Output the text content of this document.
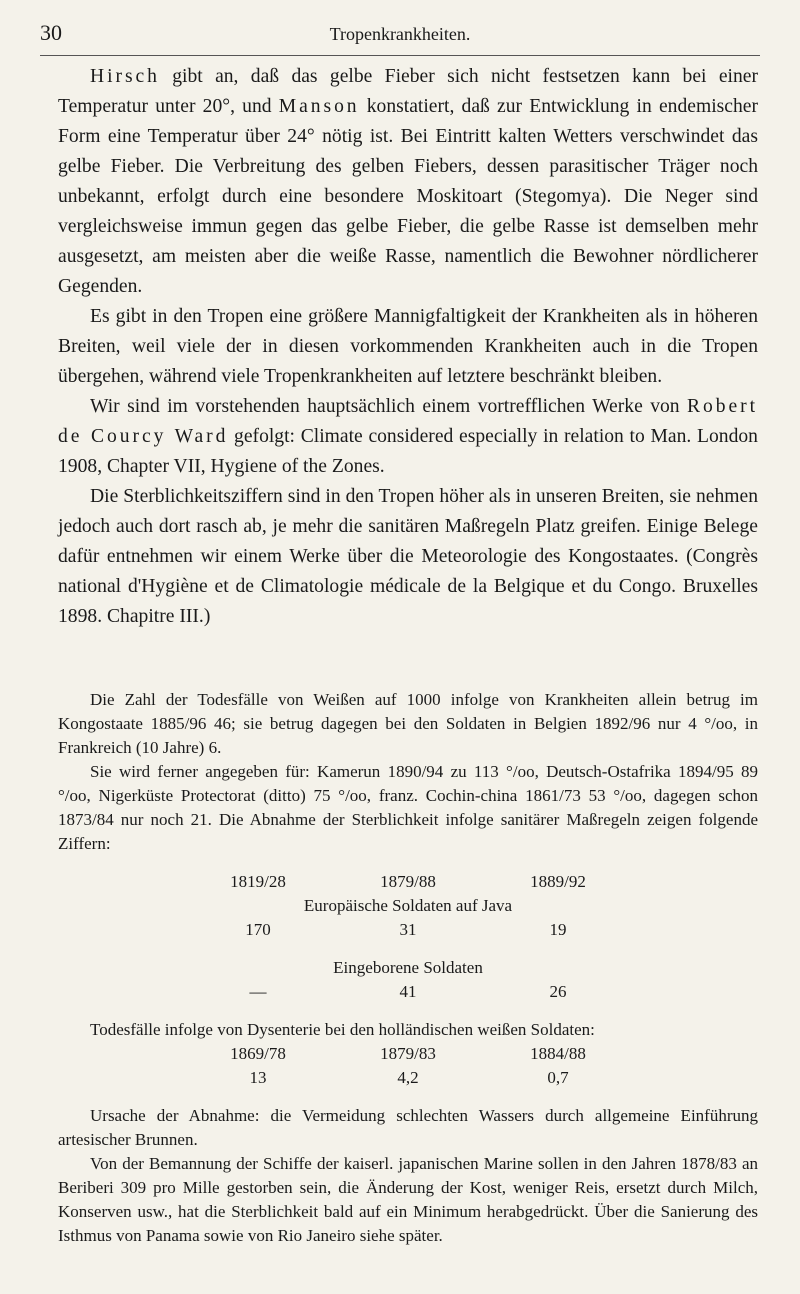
30	Tropenkrankheiten.

Hirsch gibt an, daß das gelbe Fieber sich nicht festsetzen kann bei einer Temperatur unter 20°, und Manson konstatiert, daß zur Entwicklung in endemischer Form eine Temperatur über 24° nötig ist. Bei Eintritt kalten Wetters verschwindet das gelbe Fieber. Die Verbreitung des gelben Fiebers, dessen parasitischer Träger noch unbekannt, erfolgt durch eine besondere Moskitoart (Stegomya). Die Neger sind vergleichsweise immun gegen das gelbe Fieber, die gelbe Rasse ist demselben mehr ausgesetzt, am meisten aber die weiße Rasse, namentlich die Bewohner nördlicherer Gegenden.

Es gibt in den Tropen eine größere Mannigfaltigkeit der Krankheiten als in höheren Breiten, weil viele der in diesen vorkommenden Krankheiten auch in die Tropen übergehen, während viele Tropenkrankheiten auf letztere beschränkt bleiben.

Wir sind im vorstehenden hauptsächlich einem vortrefflichen Werke von Robert de Courcy Ward gefolgt: Climate considered especially in relation to Man. London 1908, Chapter VII, Hygiene of the Zones.

Die Sterblichkeitsziffern sind in den Tropen höher als in unseren Breiten, sie nehmen jedoch auch dort rasch ab, je mehr die sanitären Maßregeln Platz greifen. Einige Belege dafür entnehmen wir einem Werke über die Meteorologie des Kongostaates. (Congrès national d'Hygiène et de Climatologie médicale de la Belgique et du Congo. Bruxelles 1898. Chapitre III.)

Die Zahl der Todesfälle von Weißen auf 1000 infolge von Krankheiten allein betrug im Kongostaate 1885/96 46; sie betrug dagegen bei den Soldaten in Belgien 1892/96 nur 4 °/oo, in Frankreich (10 Jahre) 6.

Sie wird ferner angegeben für: Kamerun 1890/94 zu 113 °/oo, Deutsch-Ostafrika 1894/95 89 °/oo, Nigerküste Protectorat (ditto) 75 °/oo, franz. Cochin-china 1861/73 53 °/oo, dagegen schon 1873/84 nur noch 21. Die Abnahme der Sterblichkeit infolge sanitärer Maßregeln zeigen folgende Ziffern:

1819/28	1879/88	1889/92
Europäische Soldaten auf Java
170	31	19
Eingeborene Soldaten
—	41	26

Todesfälle infolge von Dysenterie bei den holländischen weißen Soldaten:

1869/78	1879/83	1884/88
13	4,2	0,7

Ursache der Abnahme: die Vermeidung schlechten Wassers durch allgemeine Einführung artesischer Brunnen.

Von der Bemannung der Schiffe der kaiserl. japanischen Marine sollen in den Jahren 1878/83 an Beriberi 309 pro Mille gestorben sein, die Änderung der Kost, weniger Reis, ersetzt durch Milch, Konserven usw., hat die Sterblichkeit bald auf ein Minimum herabgedrückt. Über die Sanierung des Isthmus von Panama sowie von Rio Janeiro siehe später.
